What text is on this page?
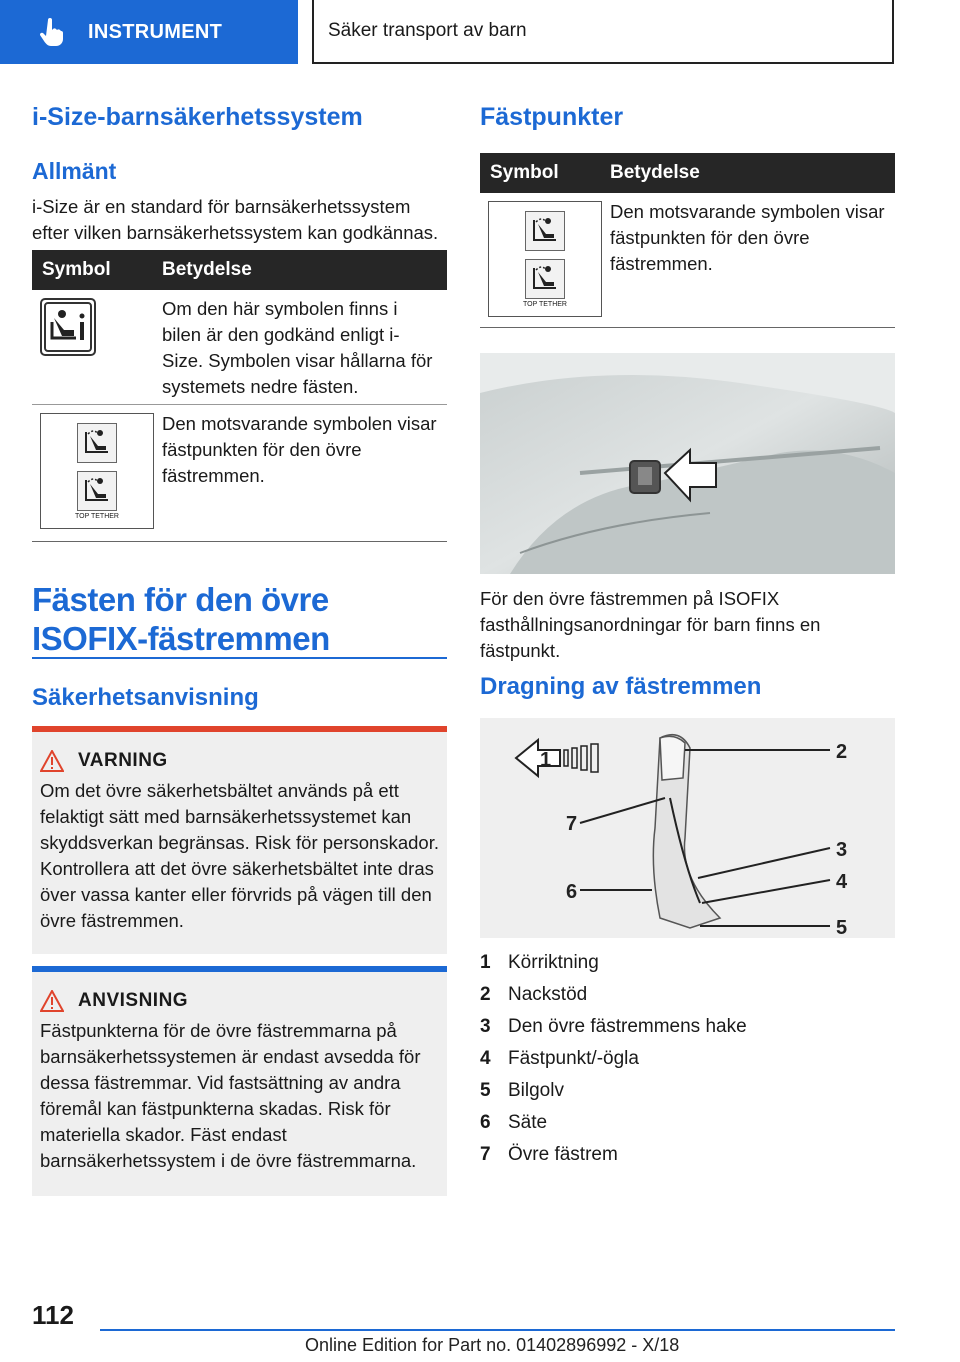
INSTRUMENT	Säker transport av barn
i-Size-barnsäkerhetssystem
Allmänt
i-Size är en standard för barnsäkerhetssystem efter vilken barnsäkerhetssystem kan godkännas.
Symbol	Betydelse
Om den här symbolen finns i bilen är den godkänd enligt i-Size. Symbolen visar hållarna för systemets nedre fästen.
TOP TETHER
Den motsvarande symbolen visar fästpunkten för den övre fästremmen.
Fästen för den övre
ISOFIX-fästremmen
Säkerhetsanvisning
VARNING
Om det övre säkerhetsbältet används på ett felaktigt sätt med barnsäkerhetssystemet kan skyddsverkan begränsas. Risk för personskador. Kontrollera att det övre säkerhetsbältet inte dras över vassa kanter eller förvrids på vägen till den övre fästremmen.
ANVISNING
Fästpunkterna för de övre fästremmarna på barnsäkerhetssystemen är endast avsedda för dessa fästremmar. Vid fastsättning av andra föremål kan fästpunkterna skadas. Risk för materiella skador. Fäst endast barnsäkerhetssystem i de övre fästremmarna.
Fästpunkter
Symbol	Betydelse
TOP TETHER
Den motsvarande symbolen visar fästpunkten för den övre fästremmen.
För den övre fästremmen på ISOFIX fasthållningsanordningar för barn finns en fästpunkt.
Dragning av fästremmen
1	2
3
4
5
6
7
1 Körriktning
2 Nackstöd
3 Den övre fästremmens hake
4 Fästpunkt/-ögla
5 Bilgolv
6 Säte
7 Övre fästrem
112
Online Edition for Part no. 01402896992 - X/18
